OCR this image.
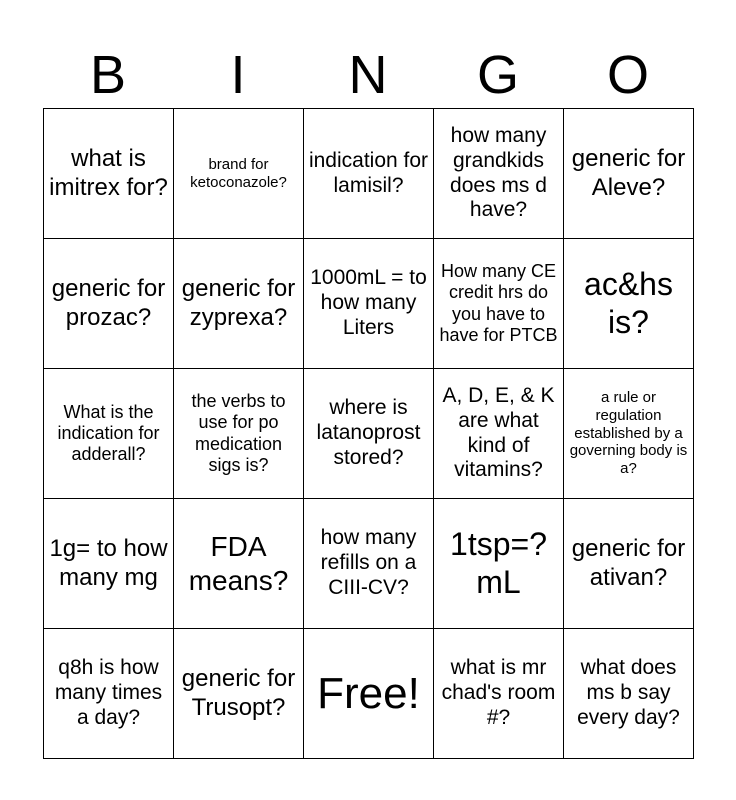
B	I	N	G	O
what is imitrex for?	brand for ketoconazole?	indication for lamisil?	how many grandkids does ms d have?	generic for Aleve?
generic for prozac?	generic for zyprexa?	1000mL = to how many Liters	How many CE credit hrs do you have to have for PTCB	ac&hs is?
What is the indication for adderall?	the verbs to use for po medication sigs is?	where is latanoprost stored?	A, D, E, & K are what kind of vitamins?	a rule or regulation established by a governing body is a?
1g= to how many mg	FDA means?	how many refills on a CIII-CV?	1tsp=? mL	generic for ativan?
q8h is how many times a day?	generic for Trusopt?	Free!	what is mr chad's room #?	what does ms b say every day?
